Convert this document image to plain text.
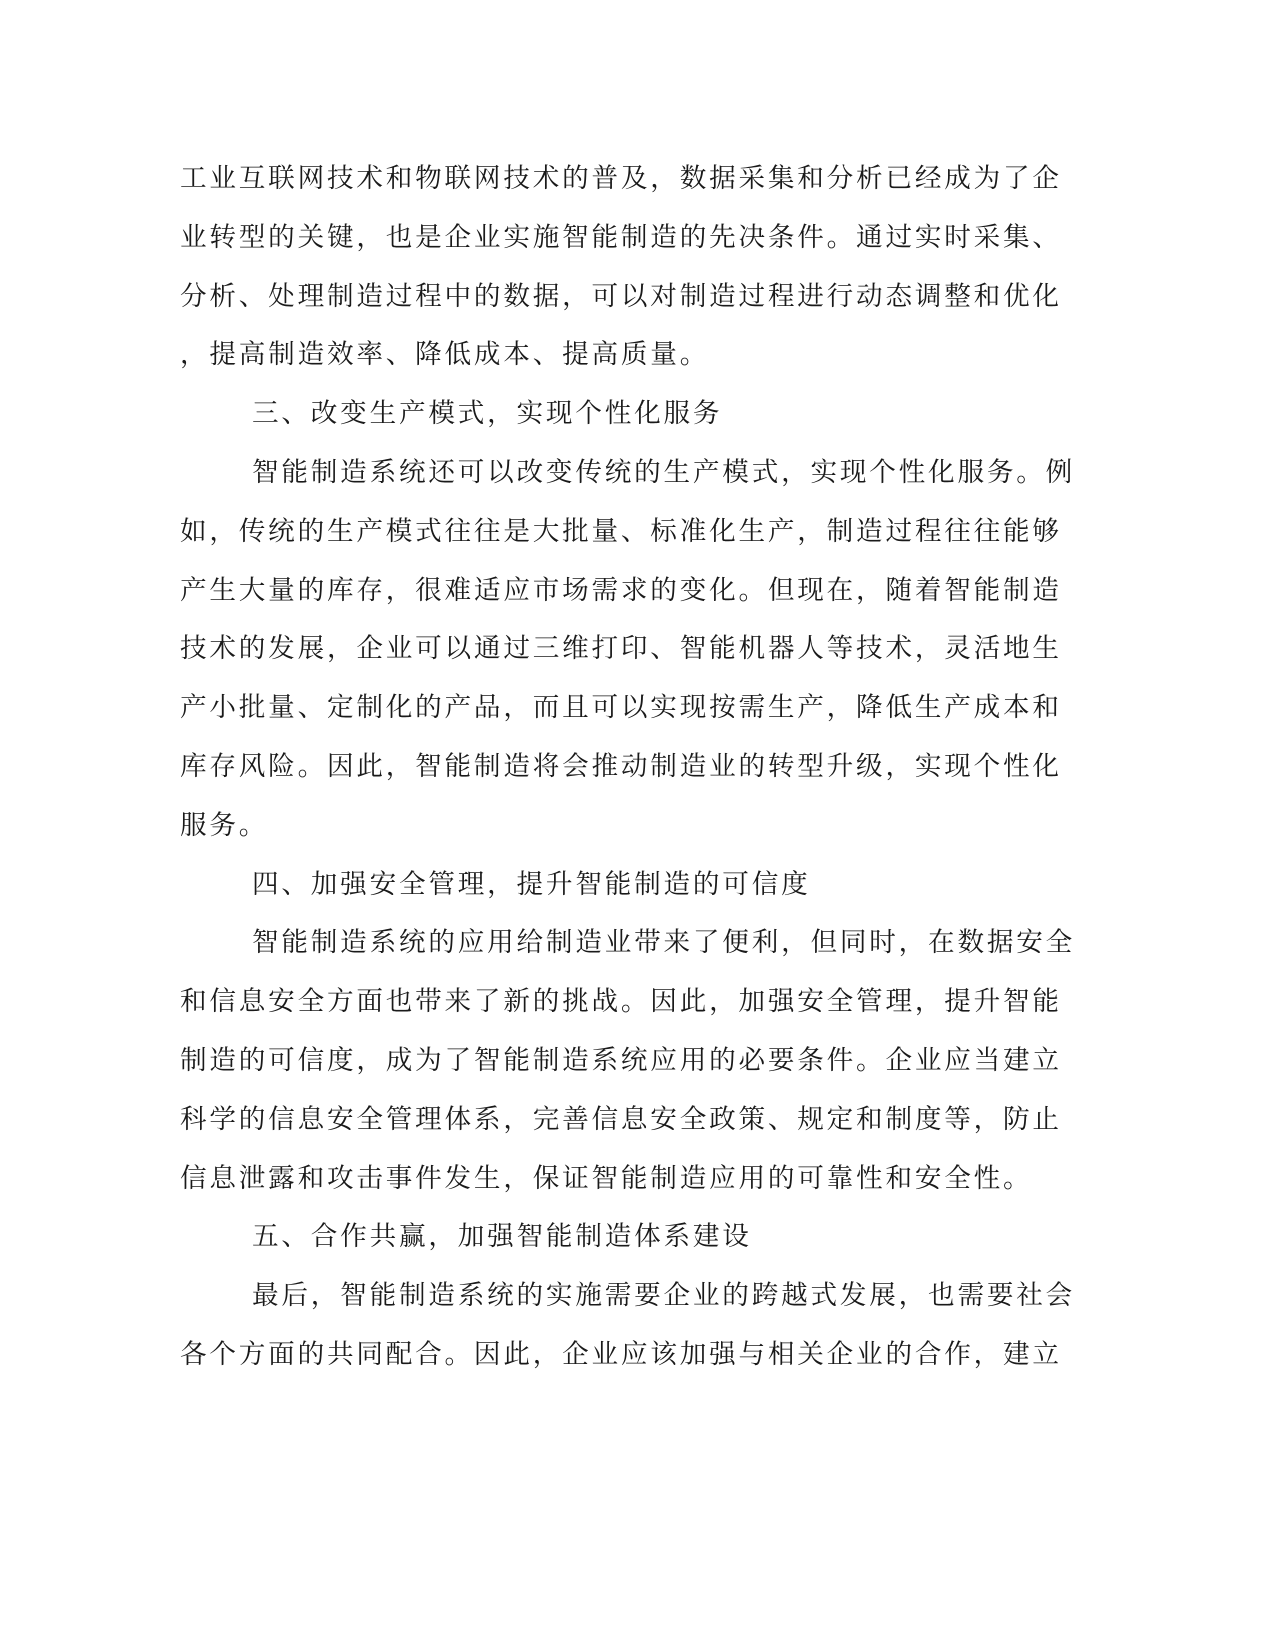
工业互联网技术和物联网技术的普及，数据采集和分析已经成为了企
业转型的关键，也是企业实施智能制造的先决条件。通过实时采集、
分析、处理制造过程中的数据，可以对制造过程进行动态调整和优化
，提高制造效率、降低成本、提高质量。
三、改变生产模式，实现个性化服务
智能制造系统还可以改变传统的生产模式，实现个性化服务。例
如，传统的生产模式往往是大批量、标准化生产，制造过程往往能够
产生大量的库存，很难适应市场需求的变化。但现在，随着智能制造
技术的发展，企业可以通过三维打印、智能机器人等技术，灵活地生
产小批量、定制化的产品，而且可以实现按需生产，降低生产成本和
库存风险。因此，智能制造将会推动制造业的转型升级，实现个性化
服务。
四、加强安全管理，提升智能制造的可信度
智能制造系统的应用给制造业带来了便利，但同时，在数据安全
和信息安全方面也带来了新的挑战。因此，加强安全管理，提升智能
制造的可信度，成为了智能制造系统应用的必要条件。企业应当建立
科学的信息安全管理体系，完善信息安全政策、规定和制度等，防止
信息泄露和攻击事件发生，保证智能制造应用的可靠性和安全性。
五、合作共赢，加强智能制造体系建设
最后，智能制造系统的实施需要企业的跨越式发展，也需要社会
各个方面的共同配合。因此，企业应该加强与相关企业的合作，建立
